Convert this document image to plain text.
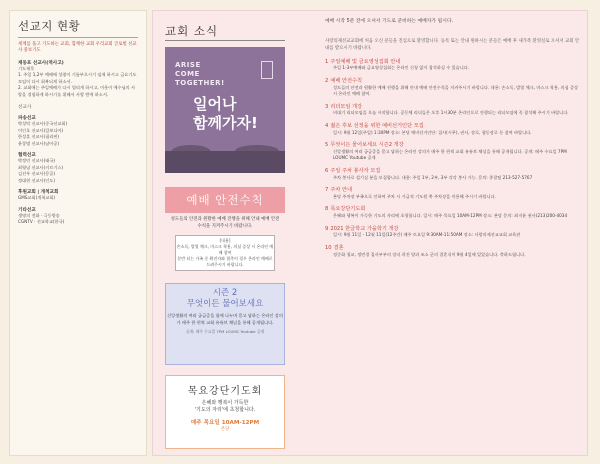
선교지 현황
세계를 품고 기도하는 교회, 함께한 교회 우리교회 글로벌 선교사 중보기도
재동포 선교사(역사고)
기도제목
1. 주일 1,2부 예배에 성령이 기름부으시기 임재 하시고 금요기도 모임이 다시 회복되게 하소서.
2. 교회에는 주일예배가 다시 열리게 하시고, 이웃이 예수님의 사랑을 경험하게 하시기를 위해서 사랑 받게 하소서.
선교사
파송선교
박성탁 선교사(중국선교회)
이인호 선교사(캄보디아)
한성훈 선교사(필리핀)
윤창범 선교사(남아공)
협력선교
박정민 선교사(태국)
최영남 선교사(키르기스)
김선우 선교사(몽골)
정대현 선교사(인도)
후원교회 | 개척교회
GMS교회(개척교회)
기타선교
생명의 전화 · 극동방송
CGNTV · 선교학교(한국)
교회 소식
예배 시작 5분 전에 오셔서 기도로 준비하는 예배자가 됩시다.
ARISE
COME
TOGETHER!
일어나
함께가자!
예배 안전수칙
성도들의 안전과 원활한 예배 진행을 위해 안내 예배 안전수칙을 지켜주시기 바랍니다.
[내용]
손소독, 발열 체크, 마스크 착용, 의심 증상 시 온라인 예배 참여
분반 되는 가족 중 확진자와 접촉이 경우 온라인 예배로 드려주시기 바랍니다.
시즌 2
무엇이든 물어보세요
신앙생활의 여러 궁금증을 함께 나누며 묻고 답하는 온라인 강의가 매주 한 편씩 교회 유튜브 채널을 통해 공개됩니다.
공개: 매주 수요일 7PM LOUMC Youtube 공개
목요강단기도회
은혜와 행복이 가득한
'기도의 자리'에 초청합니다.
매주 목요일 10AM-12PM
본당
사랑의제선교교회에 처음 오신 분들을 진심으로 환영합니다. 등록 또는 안내 원하시는 분들은 예배 후 새가족 환영실로 오셔서 교회 안내를 받으시기 바랍니다.
1 주일예배 및 금요영성집회 안내
주일 1-3부예배와 금요영성집회는 온라인 신청 없이 참석하실 수 있습니다.
2 예배 안전수칙
성도들의 안전과 원활한 예배 진행을 위해 안내 예배 안전수칙을 지켜주시기 바랍니다. 내용: 손소독, 발열 체크, 마스크 착용, 의심 증상 시 온라인 예배 참여.
3 리더모임 개강
비대기 리더모임을 오늘 시작합니다. 공동체 리더들은 오후 1시30분 온라인으로 진행되는 리더모임에 꼭 참석해 주시기 바랍니다.
4 젊은 후보 선정을 위한 예비선거인단 모집
일시: 9월 12일(주일) 1:30PM 장소: 본당 예비선거인단: 집사(시무), 권사, 장로, 협동장로 등 참여 바랍니다.
5 무엇이든 물어보세요 시즌2 개강
신앙생활의 여러 궁금증을 묻고 답하는 온라인 강의가 매주 한 편씩 교회 유튜브 채널을 통해 공개됩니다. 공개: 매주 수요일 7PM LOUMC Youtube 공개
6 주일 주차 봉사자 모집
주차 봉사로 섬기실 분을 모집합니다. 내용: 주일 1부, 2부, 3부 각각 봉사 가능. 문의: 총괄팀 213-527-5767
7 주차 안내
본당 주차장 부족으로 인하여 주차 시 가급적 기도원 쪽 주차장을 이용해 주시기 바랍니다.
8 목요강단기도회
은혜와 행복이 가득한 기도의 자리에 초청합니다. 일시: 매주 목요일 10AM-12PM 장소: 본당 문의: 최지윤 권사(213)200-4034
9 2021 한글학교 가을학기 개강
일시: 9월 11일 - 12월 11일(12주간) 매주 토요일 9:30AM-11:50AM 장소: 사랑의제선교교회 교육관
10 결혼
정중화 청교, 정민경 집사부부의 장녀 희진 양과 조소 군의 결혼식이 9월 4일에 있었습니다. 축하드립니다.
